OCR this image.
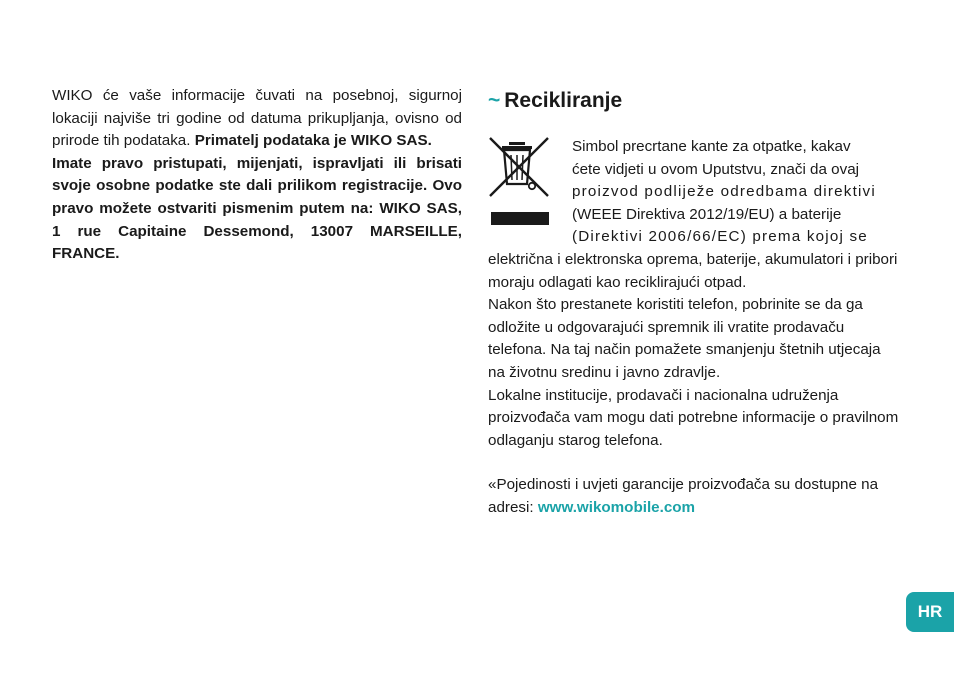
WIKO će vaše informacije čuvati na posebnoj, sigurnoj lokaciji najviše tri godine od datuma prikupljanja, ovisno od prirode tih podataka. Primatelj podataka je WIKO SAS.
Imate pravo pristupati, mijenjati, ispravljati ili brisati svoje osobne podatke ste dali prilikom registracije. Ovo pravo možete ostvariti pismenim putem na: WIKO SAS, 1 rue Capitaine Dessemond, 13007 MARSEILLE, FRANCE.

~ Recikliranje

Simbol precrtane kante za otpatke, kakav

ćete vidjeti u ovom Uputstvu, znači da ovaj

proizvod podliježe odredbama direktivi

(WEEE Direktiva 2012/19/EU) a baterije

(Direktivi 2006/66/EC) prema kojoj se

električna i elektronska oprema, baterije, akumulatori i pribori moraju odlagati kao reciklirajući otpad.

Nakon što prestanete koristiti telefon, pobrinite se da ga odložite u odgovarajući spremnik ili vratite prodavaču telefona. Na taj način pomažete smanjenju štetnih utjecaja na životnu sredinu i javno zdravlje.

Lokalne institucije, prodavači i nacionalna udruženja proizvođača vam mogu dati potrebne informacije o pravilnom odlaganju starog telefona.

«Pojedinosti i uvjeti garancije proizvođača su dostupne na adresi: www.wikomobile.com

HR
